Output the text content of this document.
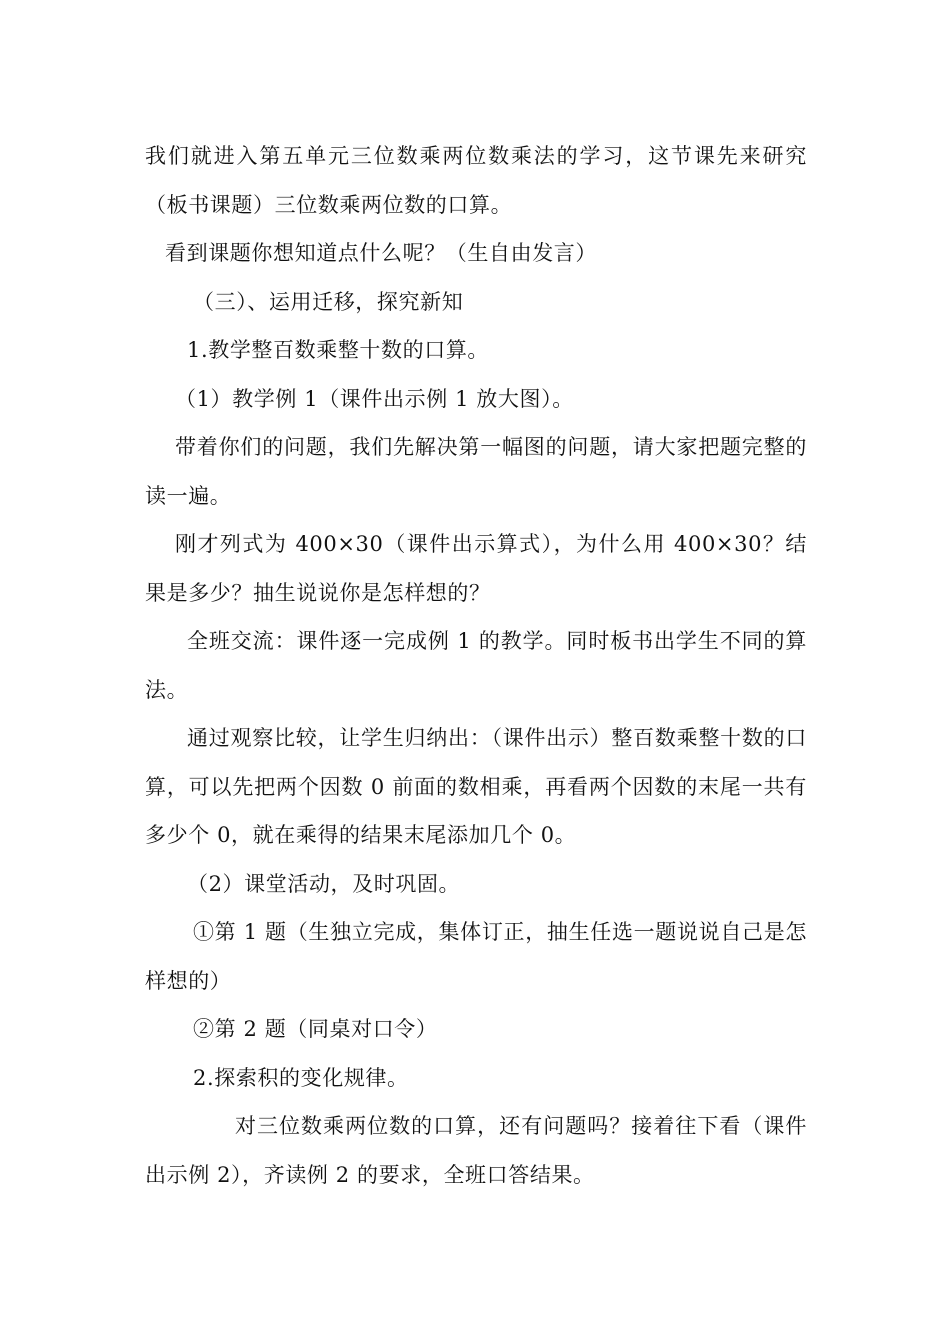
我们就进入第五单元三位数乘两位数乘法的学习，这节课先来研究（板书课题）三位数乘两位数的口算。

看到课题你想知道点什么呢？（生自由发言）

（三）、运用迁移，探究新知

1.教学整百数乘整十数的口算。

（1）教学例 1（课件出示例 1 放大图）。

带着你们的问题，我们先解决第一幅图的问题，请大家把题完整的读一遍。

刚才列式为 400×30（课件出示算式），为什么用 400×30？结果是多少？抽生说说你是怎样想的？

全班交流：课件逐一完成例 1 的教学。同时板书出学生不同的算法。

通过观察比较，让学生归纳出：（课件出示）整百数乘整十数的口算，可以先把两个因数 0 前面的数相乘，再看两个因数的末尾一共有多少个 0，就在乘得的结果末尾添加几个 0。

（2）课堂活动，及时巩固。

①第 1 题（生独立完成，集体订正，抽生任选一题说说自己是怎样想的）

②第 2 题（同桌对口令）

2.探索积的变化规律。

对三位数乘两位数的口算，还有问题吗？接着往下看（课件出示例 2），齐读例 2 的要求，全班口答结果。
